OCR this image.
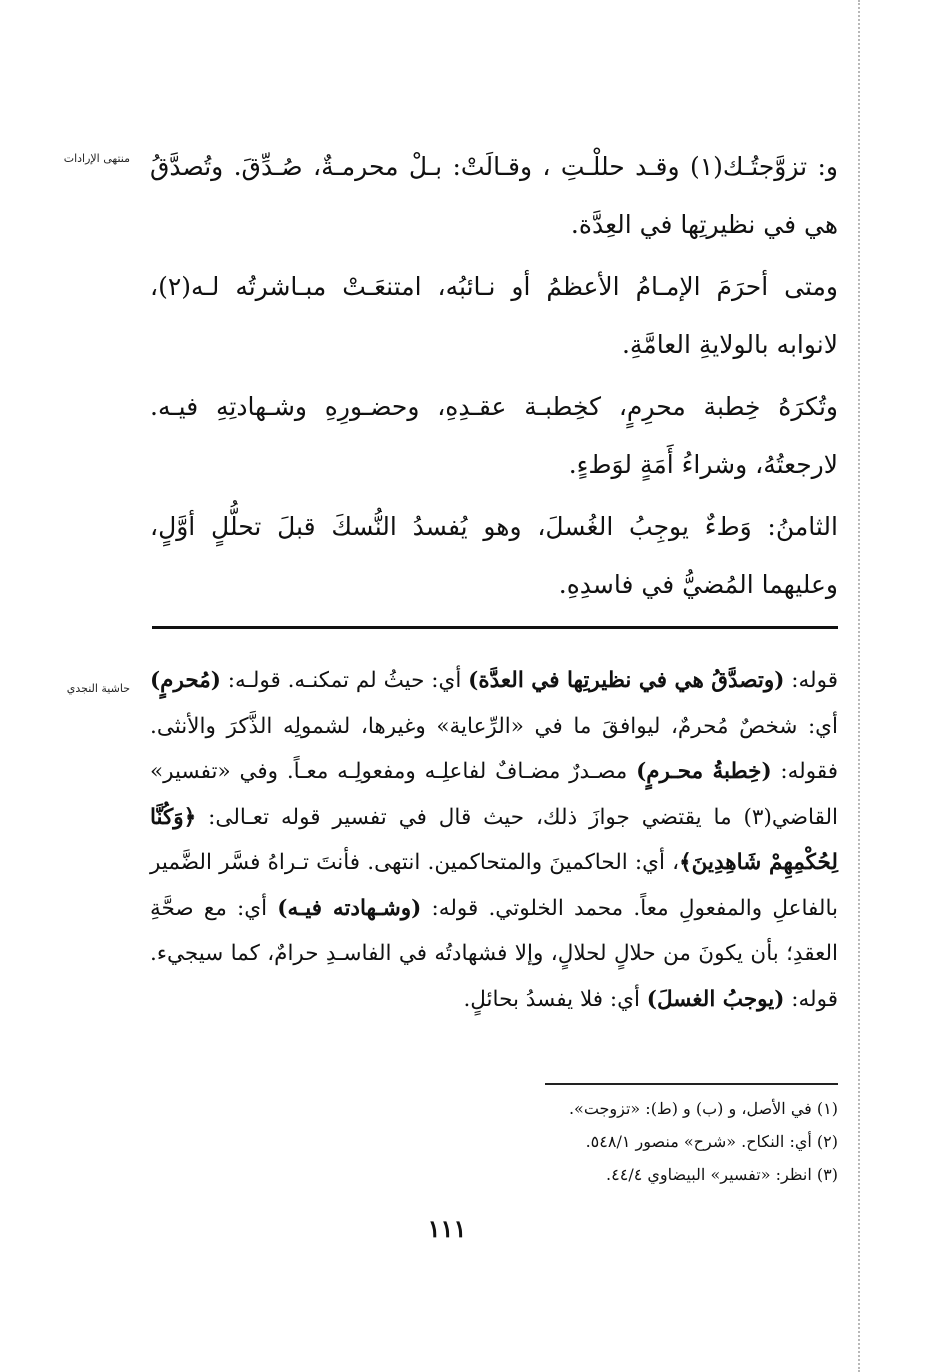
منتهى الإرادات
حاشية النجدي

و: تزوَّجتُـك(١) وقـد حللْـتِ ، وقـالَتْ: بـلْ محرمـةٌ، صُـدِّقَ. وتُصدَّقُ هي في نظيرتِها في العِدَّة.

ومتى أحرَمَ الإمـامُ الأعظمُ أو نـائبُه، امتنعَـتْ مبـاشرتُه لـه(٢)، لانوابه بالولايةِ العامَّةِ.

وتُكرَهُ خِطبة محرِمٍ، كخِطبـة عقـدِهِ، وحضـورِهِ وشـهادتِهِ فيـه. لارجعتُهُ، وشراءُ أَمَةٍ لوَطءٍ.

الثامنُ: وَطءٌ يوجِبُ الغُسلَ، وهو يُفسدُ النُّسكَ قبلَ تحلُّلٍ أوَّلٍ، وعليهما المُضيُّ في فاسدِهِ.

قوله: (وتصدَّقُ هي في نظيرتِها في العدَّة) أي: حيثُ لم تمكنـه. قولـه: (مُحرمٍ) أي: شخصٌ مُحرمٌ، ليوافقَ ما في «الرِّعاية» وغيرها، لشمولِه الذَّكرَ والأنثى. فقوله: (خِطبةُ محـرمٍ) مصـدرٌ مضـافٌ لفاعلِـه ومفعولِـه معـاً. وفي «تفسير» القاضي(٣) ما يقتضي جوازَ ذلك، حيث قال في تفسير قوله تعـالى: ﴿وَكُنَّا لِحُكْمِهِمْ شَاهِدِينَ﴾، أي: الحاكمينَ والمتحاكمين. انتهى. فأنتَ تـراهُ فسَّر الضَّمير بالفاعلِ والمفعولِ معاً. محمد الخلوتي. قوله: (وشـهادته فيـه) أي: مع صحَّةِ العقدِ؛ بأن يكونَ من حلالٍ لحلالٍ، وإلا فشهادتُه في الفاسـدِ حرامٌ، كما سيجيء. قوله: (يوجبُ الغسلَ) أي: فلا يفسدُ بحائلٍ.

(١) في الأصل، و (ب) و (ط): «تزوجت».

(٢) أي: النكاح. «شرح» منصور ٥٤٨/١.

(٣) انظر: «تفسير» البيضاوي ٤٤/٤.

١١١
